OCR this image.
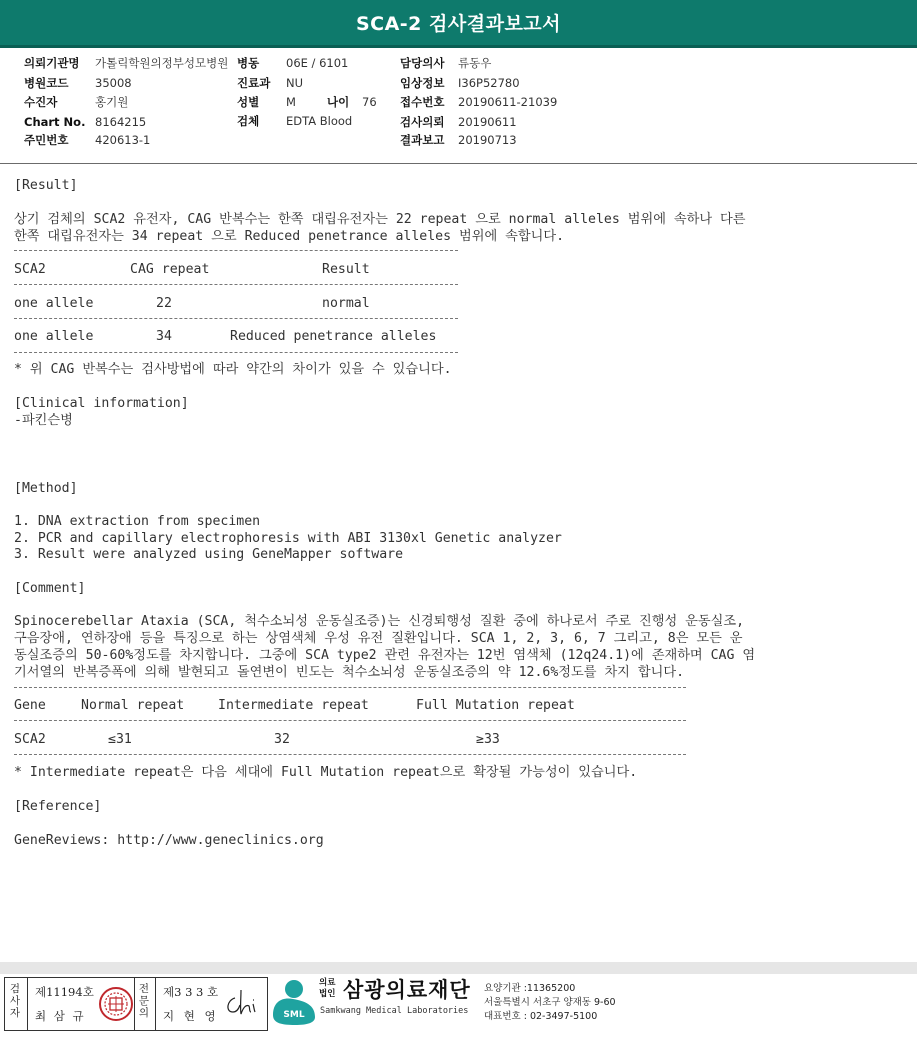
SCA-2 검사결과보고서
의뢰기관명 가톨릭학원의정부성모병원
병원코드 35008
수진자	홍기원
Chart No. 8164215
주민번호 420613-1
병동 06E / 6101
진료과 NU
성별 M	나이 76
검체 EDTA Blood
담당의사 류동우
임상정보 I36P52780
접수번호 20190611-21039
검사의뢰 20190611
결과보고 20190713
[Result]
상기 검체의 SCA2 유전자, CAG 반복수는 한쪽 대립유전자는 22 repeat 으로 normal alleles 범위에 속하나 다른
한쪽 대립유전자는 34 repeat 으로 Reduced penetrance alleles 범위에 속합니다.
SCA2	CAG repeat	Result
one allele	22	normal
one allele	34	Reduced penetrance alleles
* 위 CAG 반복수는 검사방법에 따라 약간의 차이가 있을 수 있습니다.
[Clinical information]
-파킨슨병
[Method]
1. DNA extraction from specimen
2. PCR and capillary electrophoresis with ABI 3130xl Genetic analyzer
3. Result were analyzed using GeneMapper software
[Comment]
Spinocerebellar Ataxia (SCA, 척수소뇌성 운동실조증)는 신경퇴행성 질환 중에 하나로서 주로 진행성 운동실조,
구음장애, 연하장애 등을 특징으로 하는 상염색체 우성 유전 질환입니다. SCA 1, 2, 3, 6, 7 그리고, 8은 모든 운
동실조증의 50-60%정도를 차지합니다. 그중에 SCA type2 관련 유전자는 12번 염색체 (12q24.1)에 존재하며 CAG 염
기서열의 반복증폭에 의해 발현되고 돌연변이 빈도는 척수소뇌성 운동실조증의 약 12.6%정도를 차지 합니다.
Gene	Normal repeat	Intermediate repeat	Full Mutation repeat
SCA2	≤31	32	≥33
* Intermediate repeat은 다음 세대에 Full Mutation repeat으로 확장될 가능성이 있습니다.
[Reference]
GeneReviews: http://www.geneclinics.org
검사자
제11194호
최 삼 규
전문의
제3 3 3 호
지 현 영	SML
의료법인 삼광의료재단
Samkwang Medical Laboratories
요양기관 :11365200
서울특별시 서초구 양재동 9-60
대표번호 : 02-3497-5100
